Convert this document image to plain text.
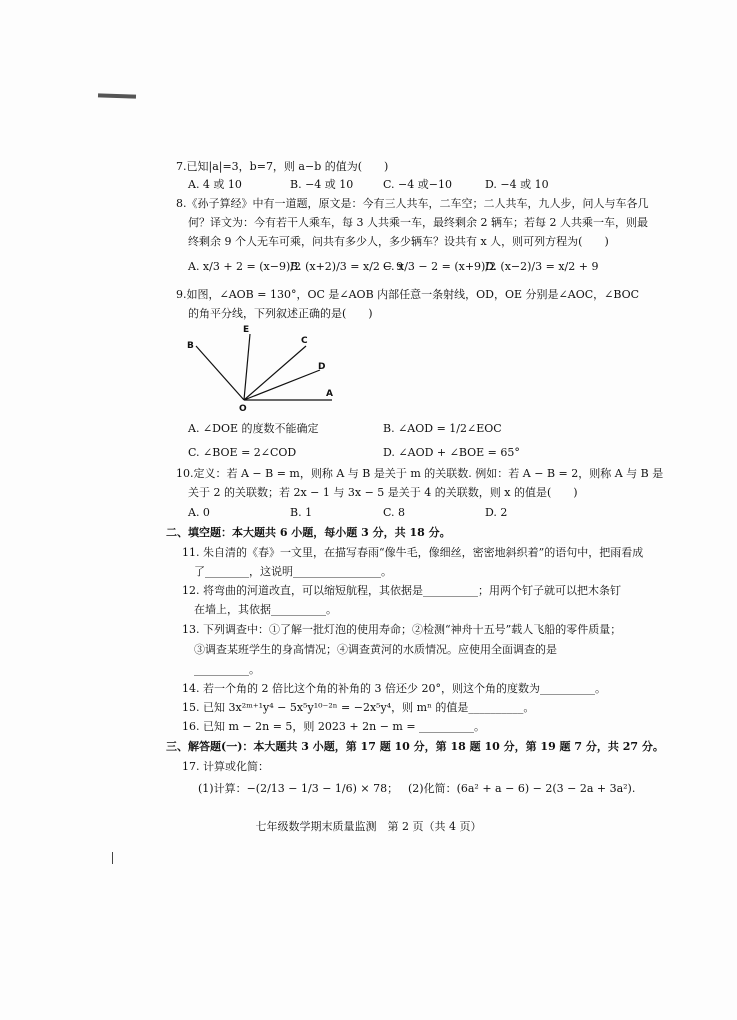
7.已知|a|=3，b=7，则 a−b 的值为(　　)
A. 4 或 10	B. −4 或 10	C. −4 或−10	D. −4 或 10
8.《孙子算经》中有一道题，原文是：今有三人共车，二车空；二人共车，九人步，问人与车各几
何？译文为：今有若干人乘车，每 3 人共乘一车，最终剩余 2 辆车；若每 2 人共乘一车，则最
终剩余 9 个人无车可乘，问共有多少人，多少辆车？设共有 x 人，则可列方程为(　　)
A. x/3 + 2 = (x−9)/2
B. (x+2)/3 = x/2 − 9
C. x/3 − 2 = (x+9)/2
D. (x−2)/3 = x/2 + 9
9.如图，∠AOB = 130°，OC 是∠AOB 内部任意一条射线，OD，OE 分别是∠AOC，∠BOC
的角平分线，下列叙述正确的是(　　)
B
E
C
D
A
O
A. ∠DOE 的度数不能确定	B. ∠AOD = 1/2∠EOC
C. ∠BOE = 2∠COD	D. ∠AOD + ∠BOE = 65°
10.定义：若 A − B = m，则称 A 与 B 是关于 m 的关联数. 例如：若 A − B = 2，则称 A 与 B 是
关于 2 的关联数；若 2x − 1 与 3x − 5 是关于 4 的关联数，则 x 的值是(　　)
A. 0	B. 1	C. 8	D. 2
二、填空题：本大题共 6 小题，每小题 3 分，共 18 分。
11. 朱自清的《春》一文里，在描写春雨“像牛毛，像细丝，密密地斜织着”的语句中，把雨看成
了________，这说明________________。
12. 将弯曲的河道改直，可以缩短航程，其依据是__________；用两个钉子就可以把木条钉
在墙上，其依据__________。
13. 下列调查中：①了解一批灯泡的使用寿命；②检测“神舟十五号”载人飞船的零件质量；
③调查某班学生的身高情况；④调查黄河的水质情况。应使用全面调查的是
__________。
14. 若一个角的 2 倍比这个角的补角的 3 倍还少 20°，则这个角的度数为__________。
15. 已知 3x²ᵐ⁺¹y⁴ − 5x⁵y¹⁰⁻²ⁿ = −2x⁵y⁴，则 mⁿ 的值是__________。
16. 已知 m − 2n = 5，则 2023 + 2n − m = __________。
三、解答题(一)：本大题共 3 小题，第 17 题 10 分，第 18 题 10 分，第 19 题 7 分，共 27 分。
17. 计算或化简：
(1)计算：−(2/13 − 1/3 − 1/6) × 78； (2)化简：(6a² + a − 6) − 2(3 − 2a + 3a²).
七年级数学期末质量监测　第 2 页（共 4 页）
